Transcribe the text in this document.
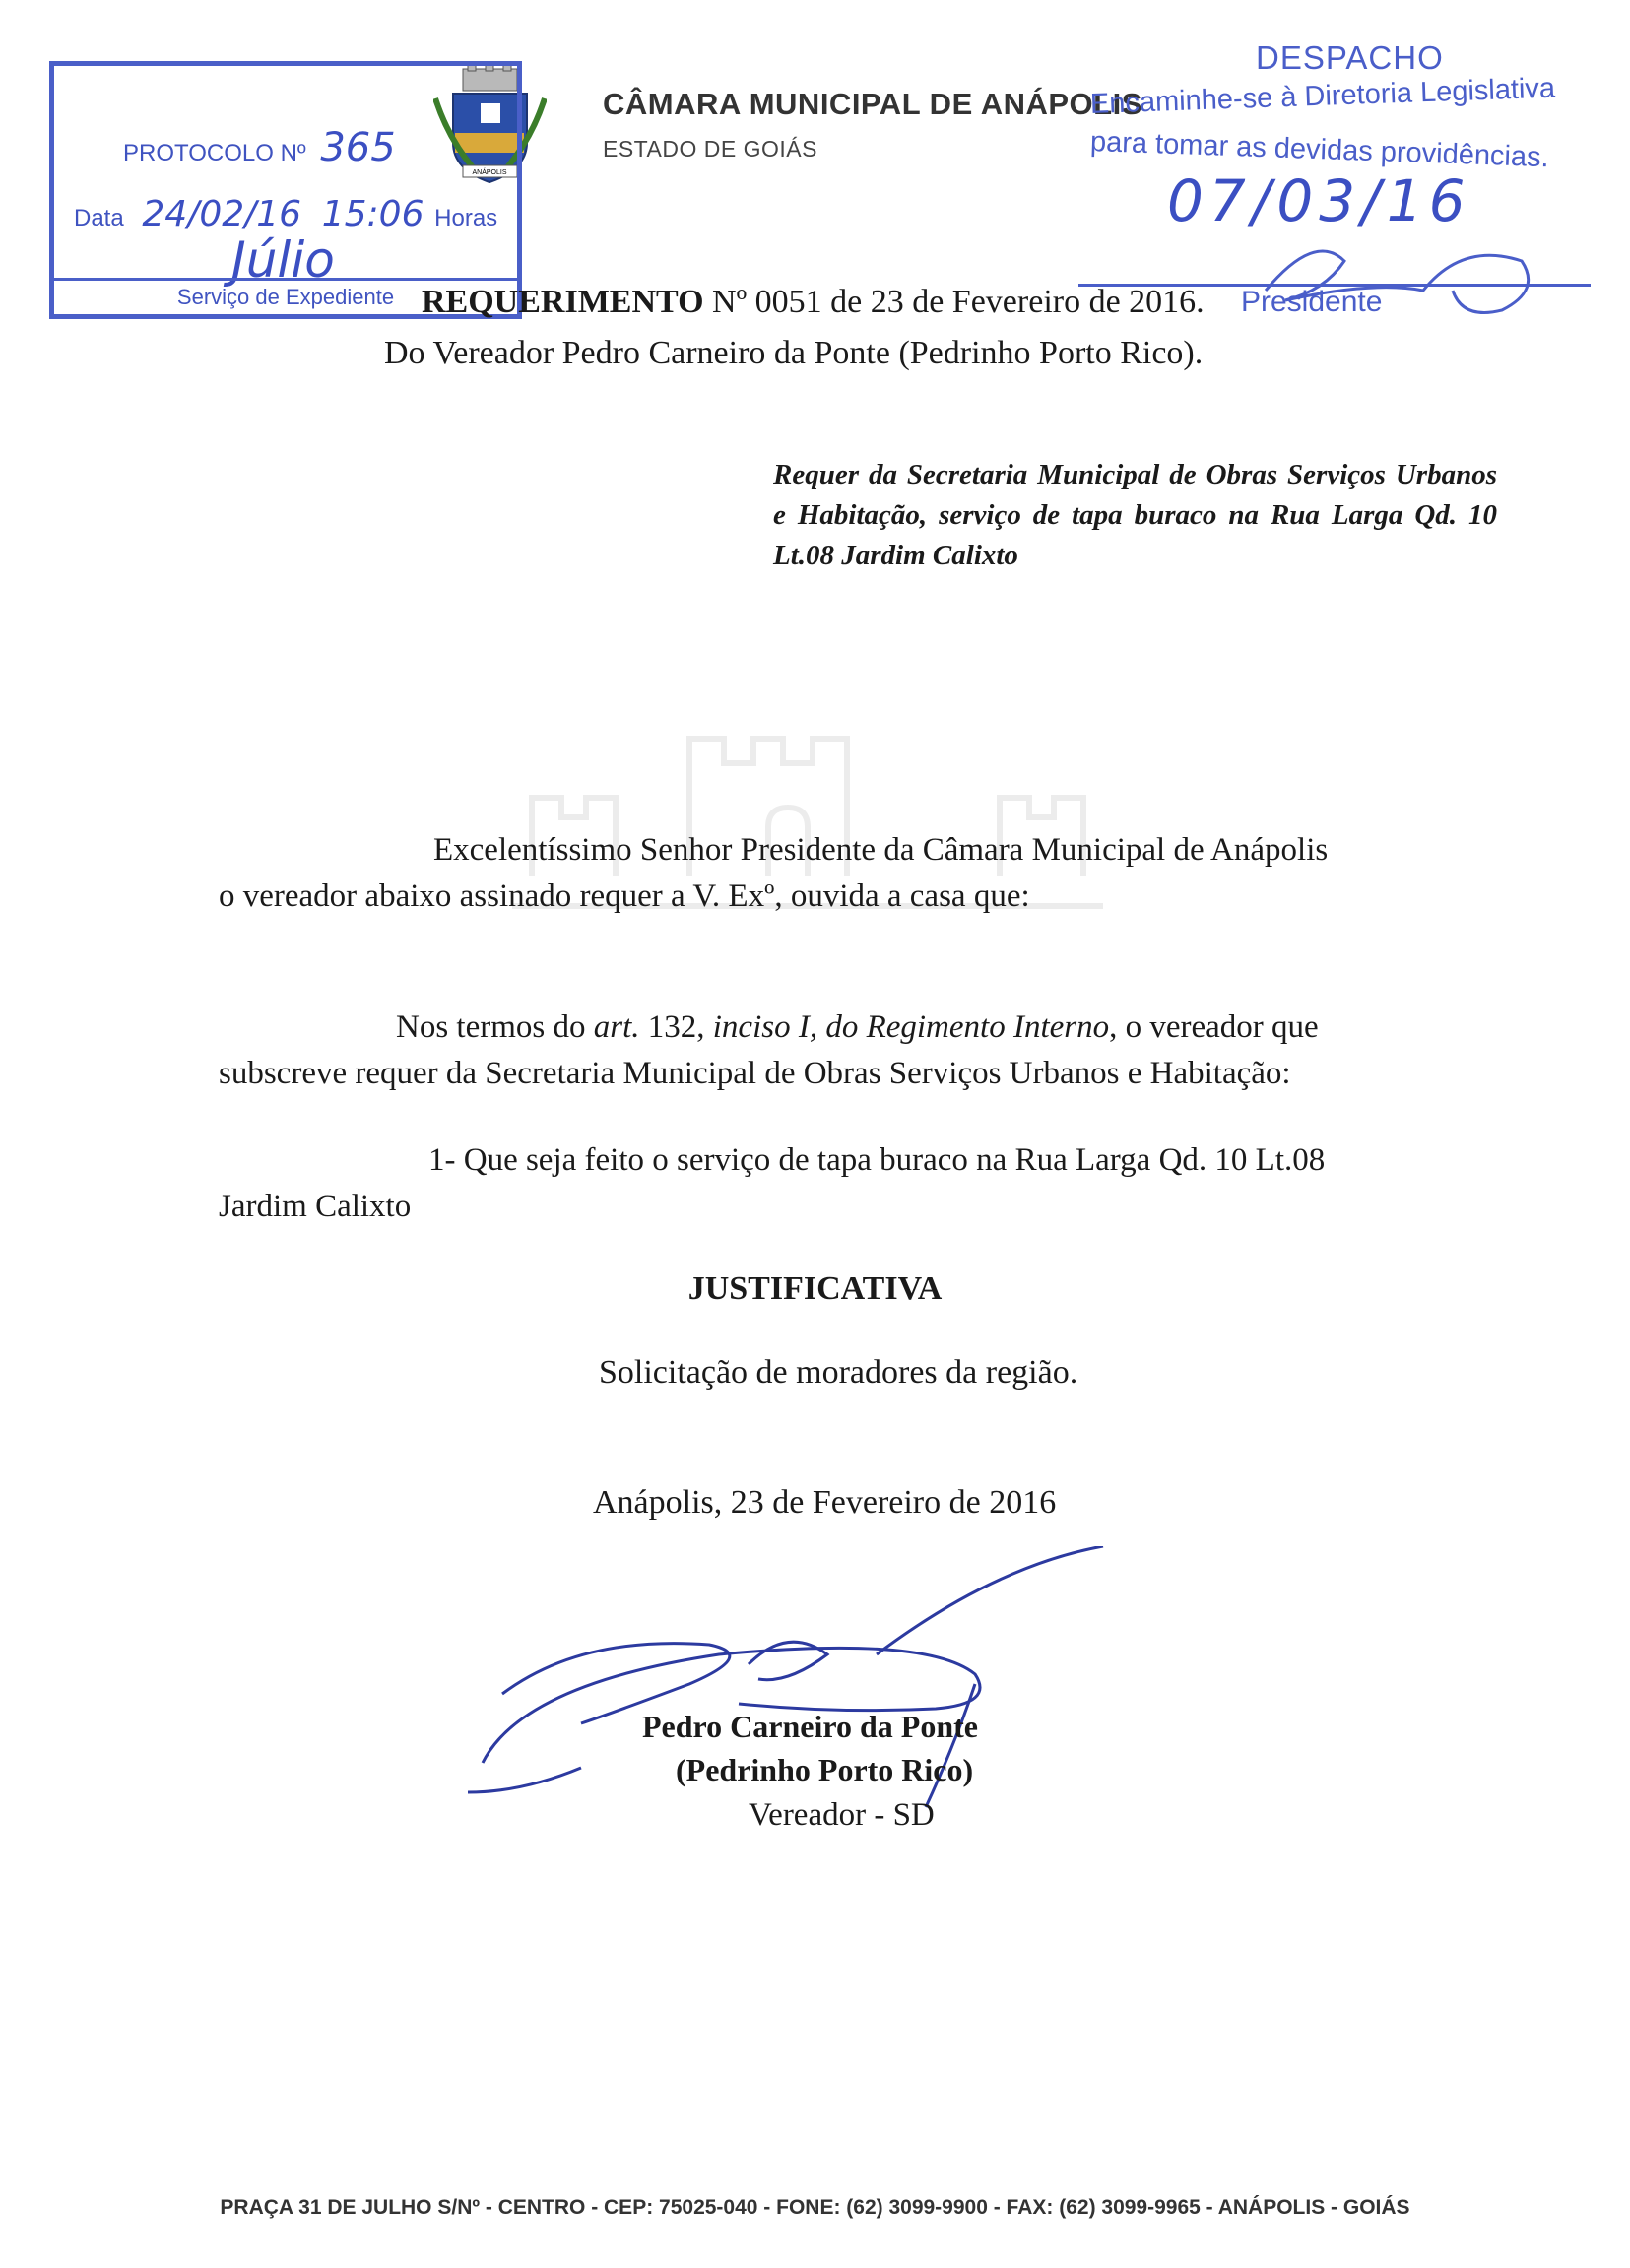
ANÁPOLIS
CÂMARA MUNICIPAL DE ANÁPOLIS
ESTADO DE GOIÁS
PROTOCOLO Nº 365
Data 24/02/16 15:06 Horas
Júlio
Serviço de Expediente
DESPACHO
Encaminhe-se à Diretoria Legislativa
para tomar as devidas providências.
07/03/16
Presidente
REQUERIMENTO Nº 0051 de 23 de Fevereiro de 2016.
Do Vereador Pedro Carneiro da Ponte (Pedrinho Porto Rico).
Requer da Secretaria Municipal de Obras Serviços Urbanos e Habitação, serviço de tapa buraco na Rua Larga Qd. 10 Lt.08 Jardim Calixto
Excelentíssimo Senhor Presidente da Câmara Municipal de Anápolis
o vereador abaixo assinado requer a V. Exº, ouvida a casa que:
Nos termos do art. 132, inciso I, do Regimento Interno, o vereador que
subscreve requer da Secretaria Municipal de Obras Serviços Urbanos e Habitação:
1- Que seja feito o serviço de tapa buraco na Rua Larga Qd. 10 Lt.08
Jardim Calixto
JUSTIFICATIVA
Solicitação de moradores da região.
Anápolis, 23 de Fevereiro de 2016
Pedro Carneiro da Ponte
(Pedrinho Porto Rico)
Vereador - SD
PRAÇA 31 DE JULHO S/Nº - CENTRO - CEP: 75025-040 - FONE: (62) 3099-9900 - FAX: (62) 3099-9965 - ANÁPOLIS - GOIÁS
